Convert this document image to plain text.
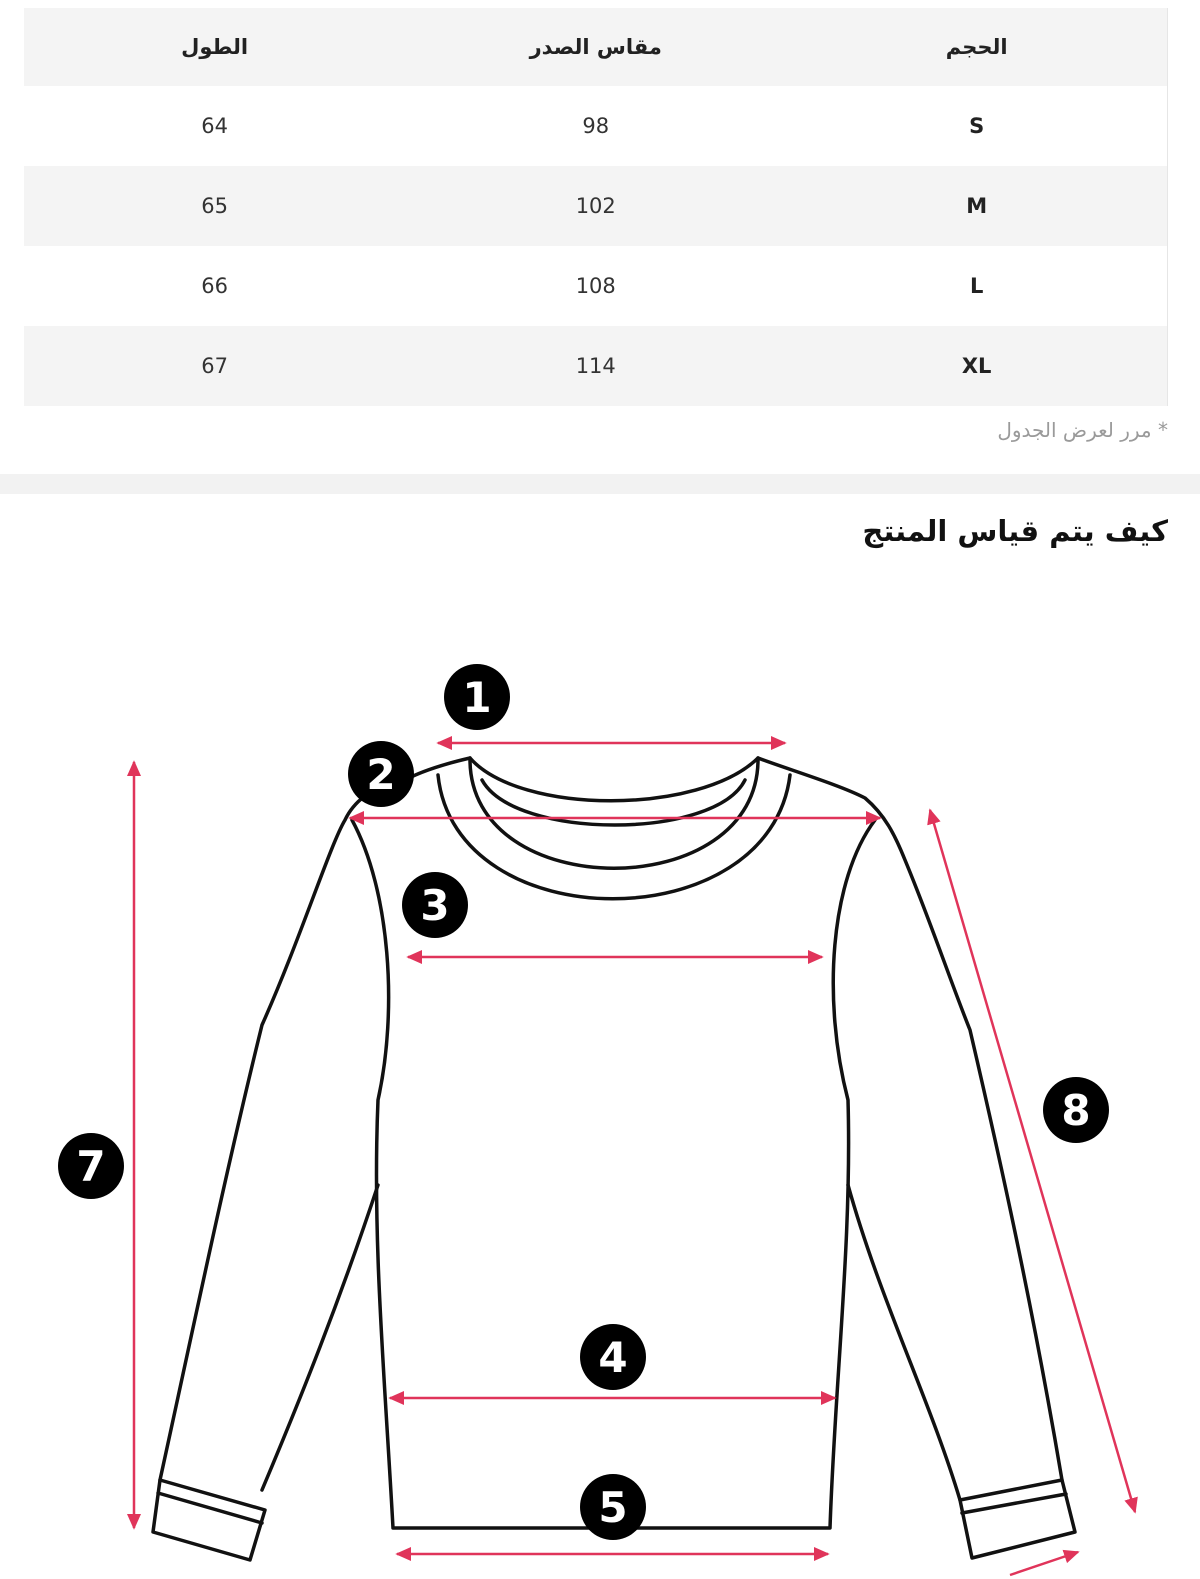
الطول	مقاس الصدر	الحجم
64	98	S
65	102	M
66	108	L
67	114	XL
* مرر لعرض الجدول
كيف يتم قياس المنتج
1
2
3
4
5
7
8
